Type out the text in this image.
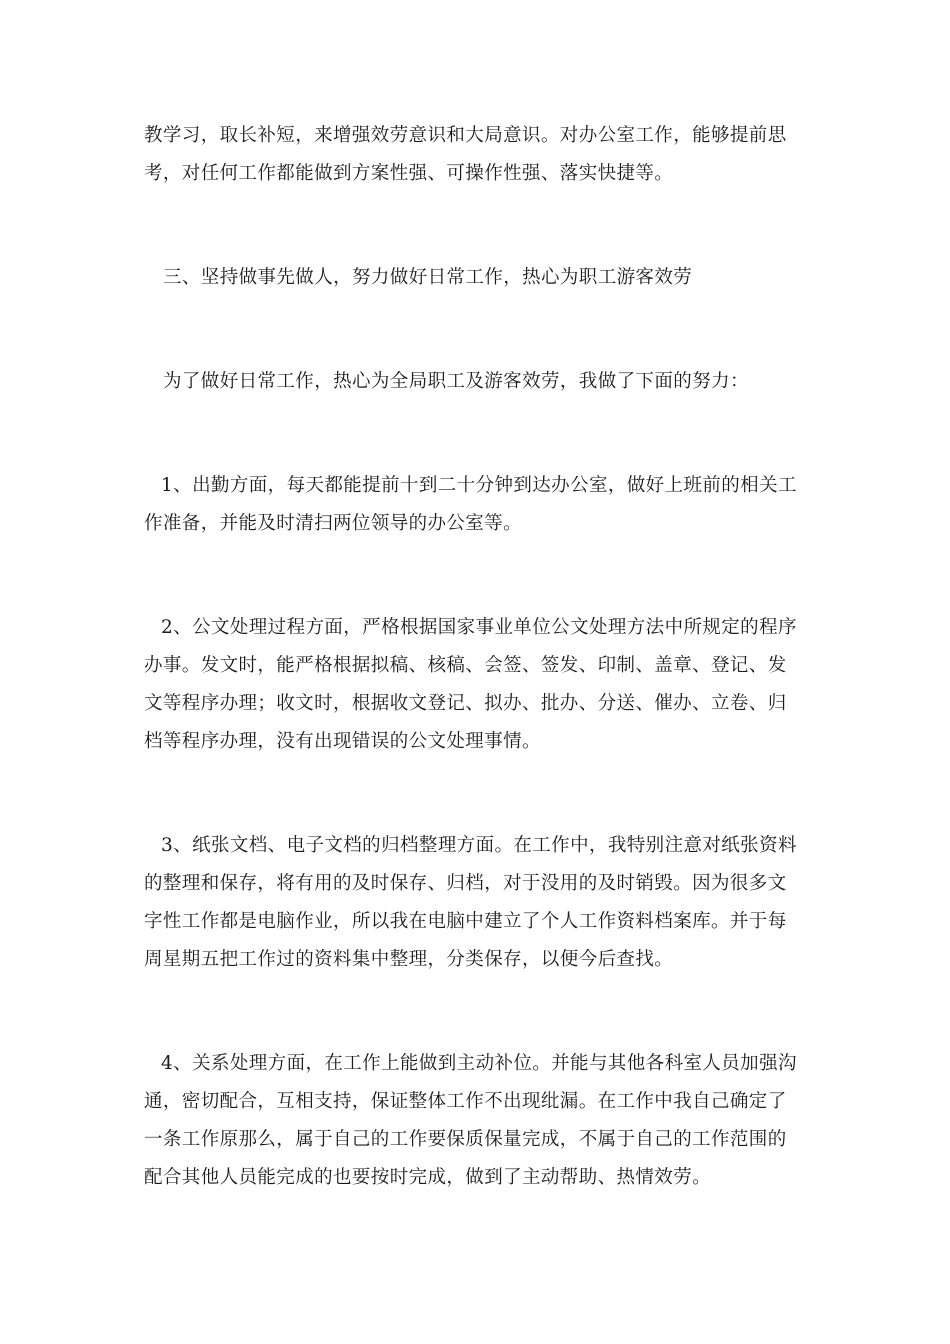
教学习，取长补短，来增强效劳意识和大局意识。对办公室工作，能够提前思
考，对任何工作都能做到方案性强、可操作性强、落实快捷等。
三、坚持做事先做人，努力做好日常工作，热心为职工游客效劳
为了做好日常工作，热心为全局职工及游客效劳，我做了下面的努力：
1、出勤方面，每天都能提前十到二十分钟到达办公室，做好上班前的相关工
作准备，并能及时清扫两位领导的办公室等。
2、公文处理过程方面，严格根据国家事业单位公文处理方法中所规定的程序
办事。发文时，能严格根据拟稿、核稿、会签、签发、印制、盖章、登记、发
文等程序办理；收文时，根据收文登记、拟办、批办、分送、催办、立卷、归
档等程序办理，没有出现错误的公文处理事情。
3、纸张文档、电子文档的归档整理方面。在工作中，我特别注意对纸张资料
的整理和保存，将有用的及时保存、归档，对于没用的及时销毁。因为很多文
字性工作都是电脑作业，所以我在电脑中建立了个人工作资料档案库。并于每
周星期五把工作过的资料集中整理，分类保存，以便今后查找。
4、关系处理方面，在工作上能做到主动补位。并能与其他各科室人员加强沟
通，密切配合，互相支持，保证整体工作不出现纰漏。在工作中我自己确定了
一条工作原那么，属于自己的工作要保质保量完成，不属于自己的工作范围的
配合其他人员能完成的也要按时完成，做到了主动帮助、热情效劳。
